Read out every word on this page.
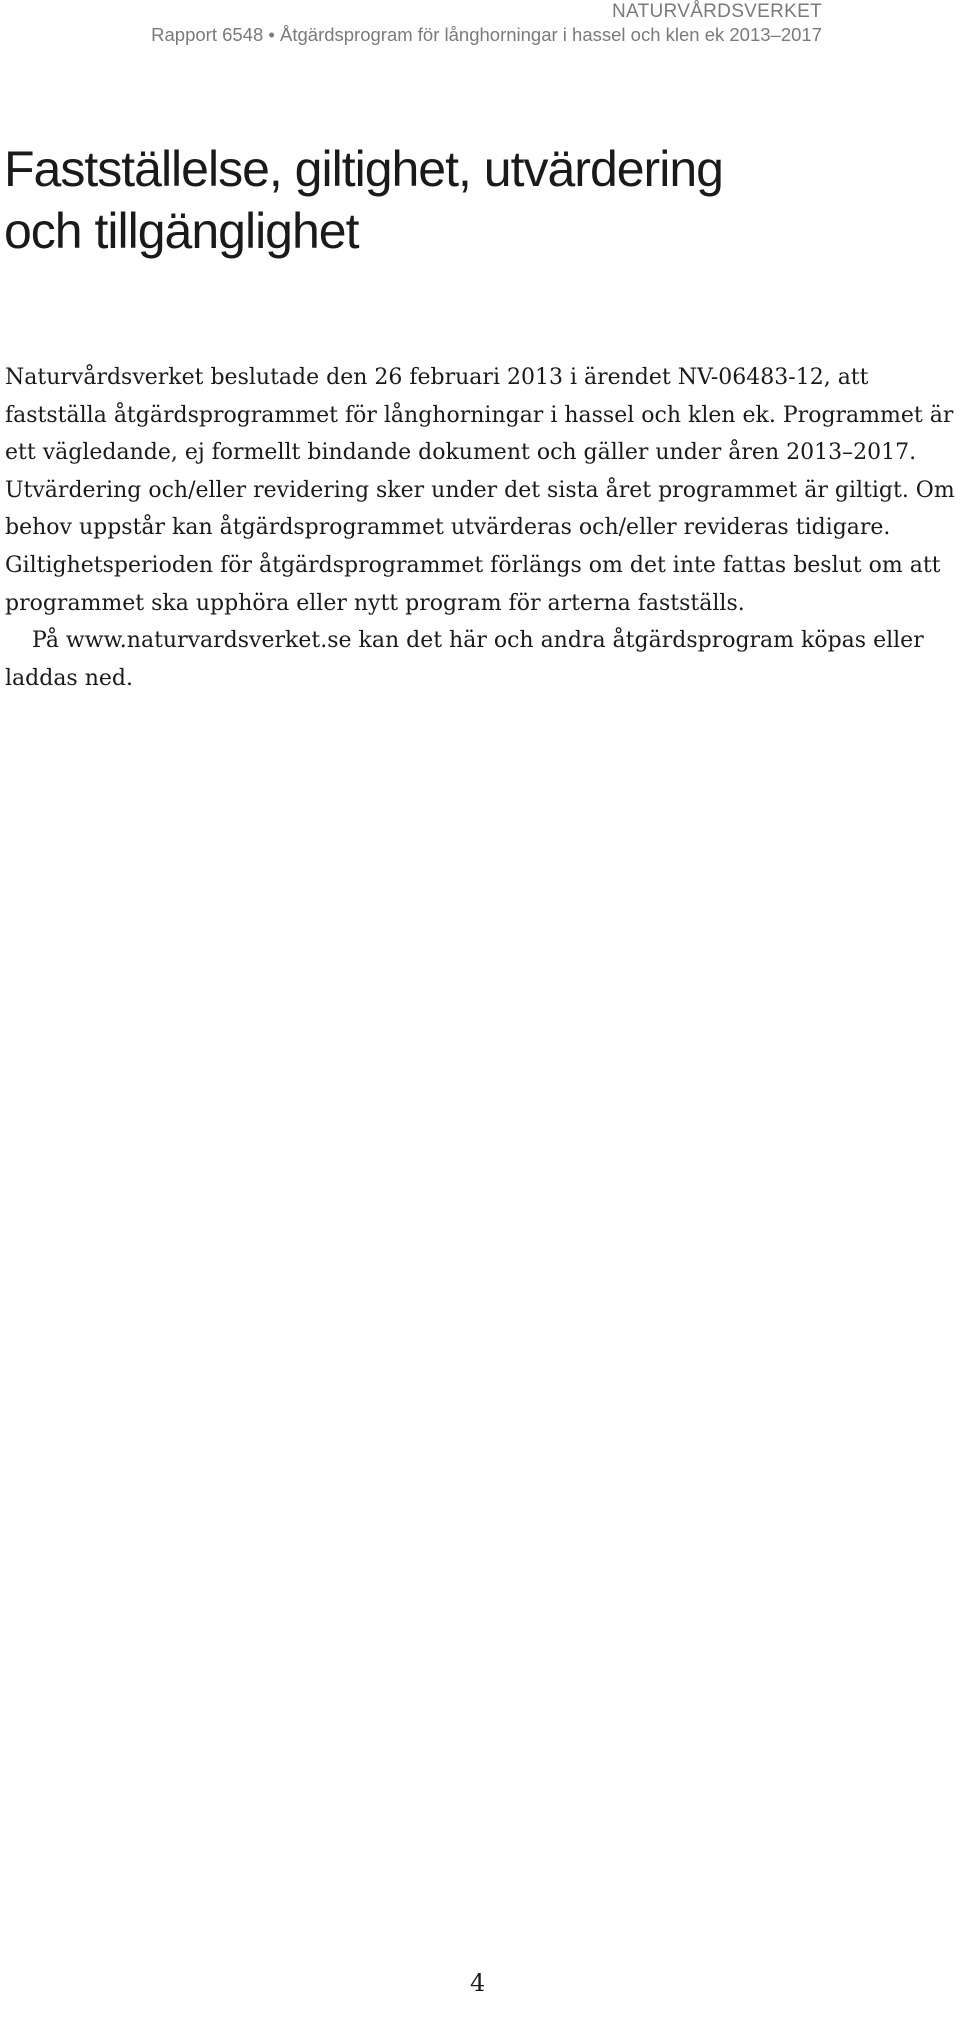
NATURVÅRDSVERKET
Rapport 6548 • Åtgärdsprogram för långhorningar i hassel och klen ek 2013–2017
Fastställelse, giltighet, utvärdering
och tillgänglighet

Naturvårdsverket beslutade den 26 februari 2013 i ärendet NV-06483-12, att fastställa åtgärdsprogrammet för långhorningar i hassel och klen ek. Programmet är ett vägledande, ej formellt bindande dokument och gäller under åren 2013–2017. Utvärdering och/eller revidering sker under det sista året programmet är giltigt. Om behov uppstår kan åtgärdsprogrammet utvärderas och/eller revideras tidigare. Giltighetsperioden för åtgärdsprogrammet förlängs om det inte fattas beslut om att programmet ska upphöra eller nytt program för arterna fastställs.

På www.naturvardsverket.se kan det här och andra åtgärdsprogram köpas eller laddas ned.

4
